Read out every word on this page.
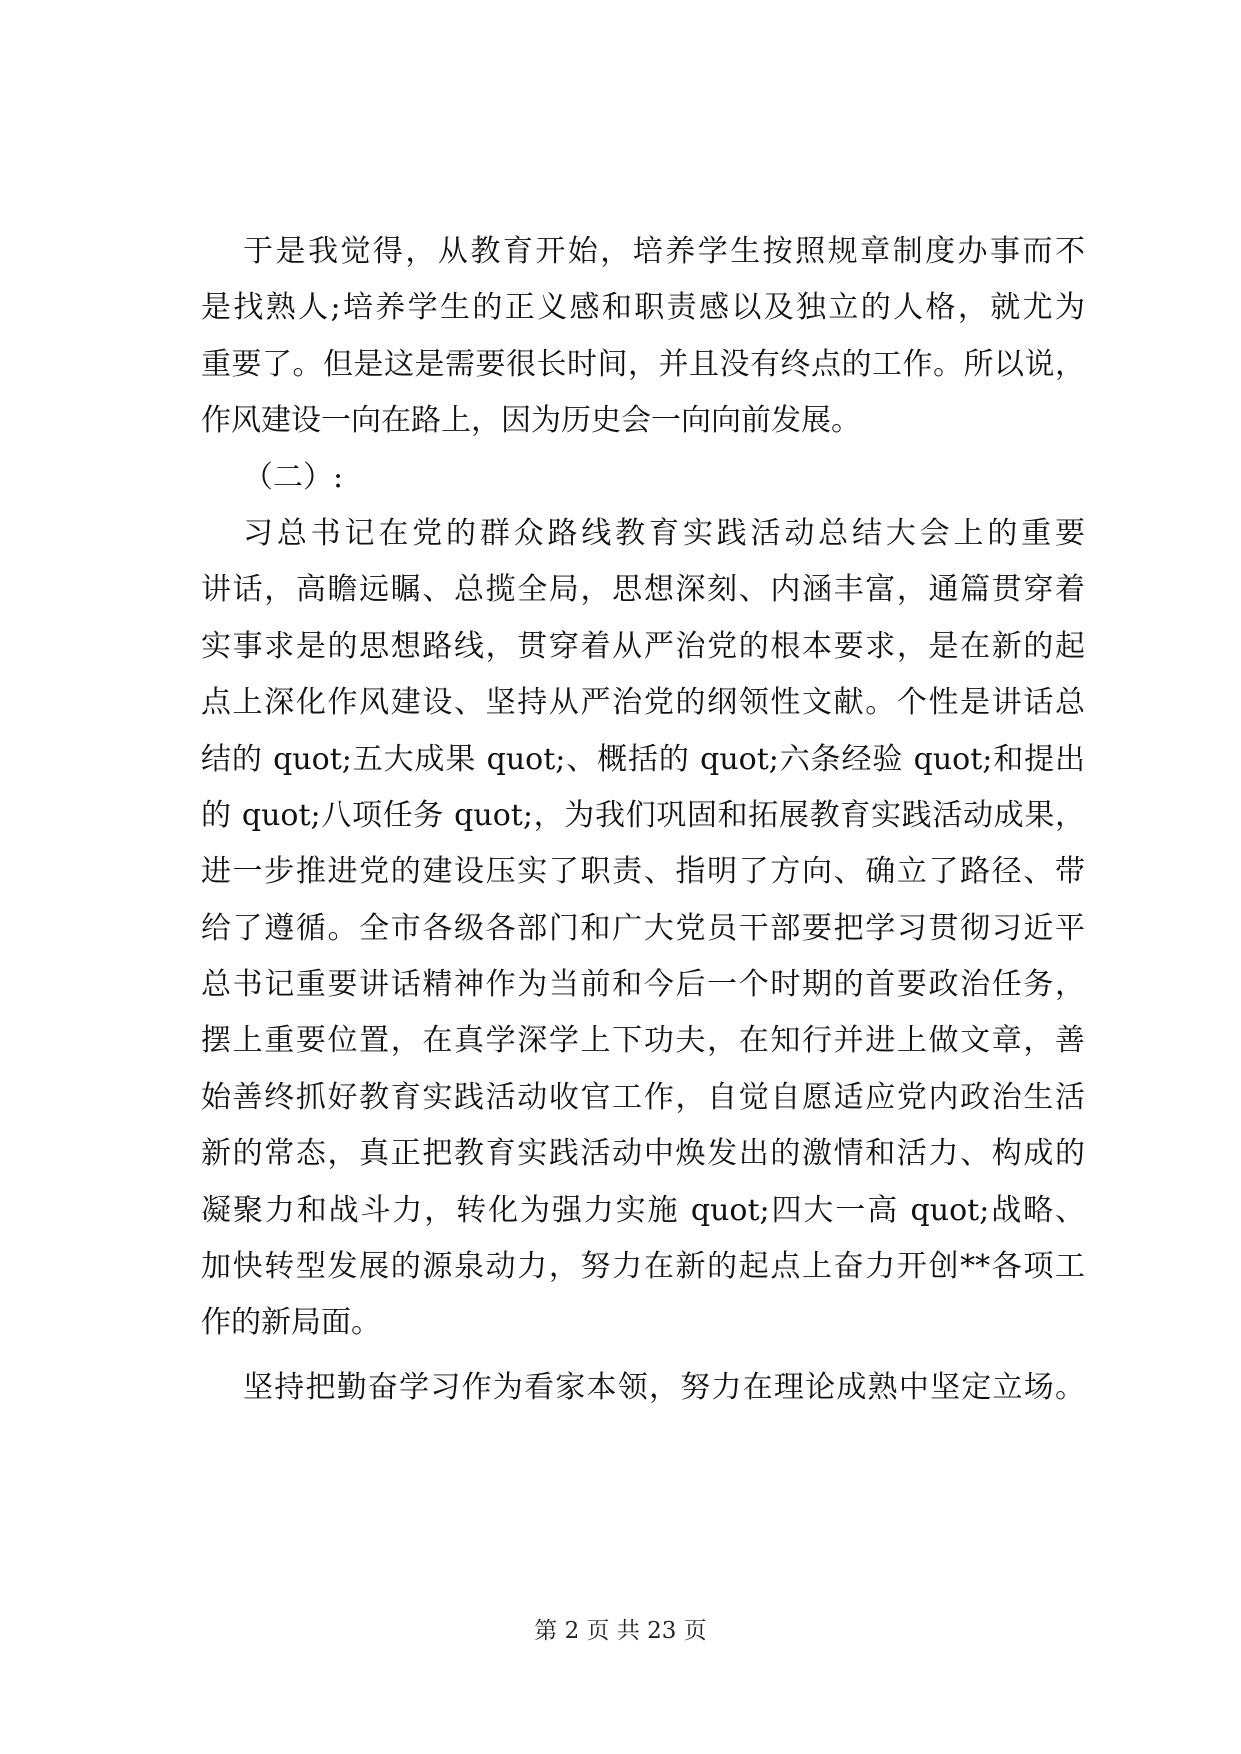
于是我觉得，从教育开始，培养学生按照规章制度办事而不
是找熟人;培养学生的正义感和职责感以及独立的人格，就尤为
重要了。但是这是需要很长时间，并且没有终点的工作。所以说，
作风建设一向在路上，因为历史会一向向前发展。
（二）:
习总书记在党的群众路线教育实践活动总结大会上的重要
讲话，高瞻远瞩、总揽全局，思想深刻、内涵丰富，通篇贯穿着
实事求是的思想路线，贯穿着从严治党的根本要求，是在新的起
点上深化作风建设、坚持从严治党的纲领性文献。个性是讲话总
结的 quot;五大成果 quot;、概括的 quot;六条经验 quot;和提出
的 quot;八项任务 quot;，为我们巩固和拓展教育实践活动成果，
进一步推进党的建设压实了职责、指明了方向、确立了路径、带
给了遵循。全市各级各部门和广大党员干部要把学习贯彻习近平
总书记重要讲话精神作为当前和今后一个时期的首要政治任务，
摆上重要位置，在真学深学上下功夫，在知行并进上做文章，善
始善终抓好教育实践活动收官工作，自觉自愿适应党内政治生活
新的常态，真正把教育实践活动中焕发出的激情和活力、构成的
凝聚力和战斗力，转化为强力实施 quot;四大一高 quot;战略、
加快转型发展的源泉动力，努力在新的起点上奋力开创**各项工
作的新局面。
坚持把勤奋学习作为看家本领，努力在理论成熟中坚定立场。
第 2 页 共 23 页
